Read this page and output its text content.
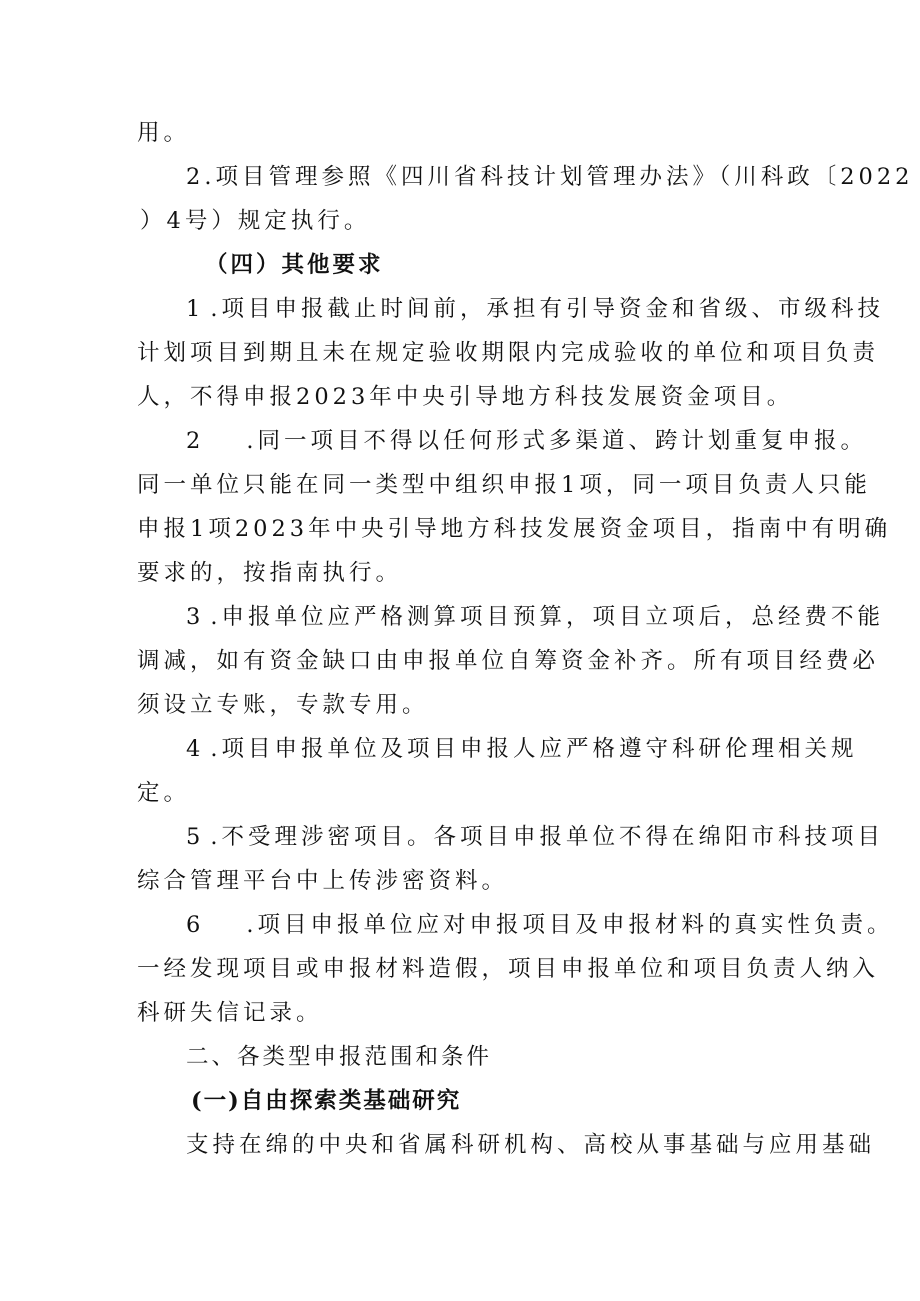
用。
2.项目管理参照《四川省科技计划管理办法》（川科政〔2022
）4号）规定执行。
（四）其他要求
1 .项目申报截止时间前，承担有引导资金和省级、市级科技
计划项目到期且未在规定验收期限内完成验收的单位和项目负责
人，不得申报2023年中央引导地方科技发展资金项目。
2 .同一项目不得以任何形式多渠道、跨计划重复申报。
同一单位只能在同一类型中组织申报1项，同一项目负责人只能
申报1项2023年中央引导地方科技发展资金项目，指南中有明确
要求的，按指南执行。
3 .申报单位应严格测算项目预算，项目立项后，总经费不能
调减，如有资金缺口由申报单位自筹资金补齐。所有项目经费必
须设立专账，专款专用。
4 .项目申报单位及项目申报人应严格遵守科研伦理相关规
定。
5 .不受理涉密项目。各项目申报单位不得在绵阳市科技项目
综合管理平台中上传涉密资料。
6 .项目申报单位应对申报项目及申报材料的真实性负责。
一经发现项目或申报材料造假，项目申报单位和项目负责人纳入
科研失信记录。
二、各类型申报范围和条件
(一)自由探索类基础研究
支持在绵的中央和省属科研机构、高校从事基础与应用基础
